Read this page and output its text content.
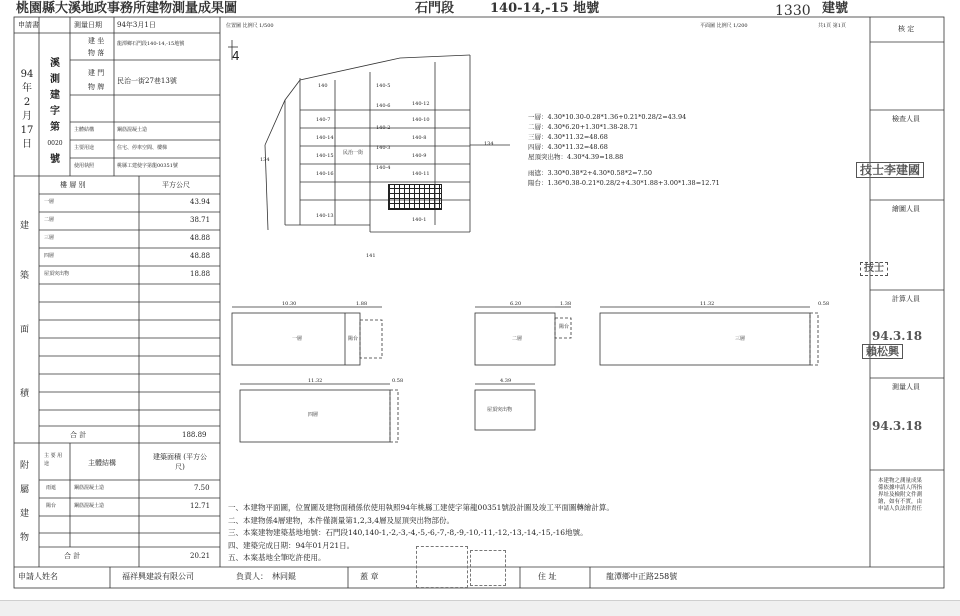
桃園縣大溪地政事務所建物測量成果圖	石門段	140-14,-15 地號	1330 建號
申請書	測量日期 94年3月1日
94
年
2
月
17
日
溪
測
建
字
第
0020
號
建 坐
物 落
龍潭鄉石門段140-14,-15地號
建 門
物 牌
民治一街27巷13號
主體結構	鋼筋混凝土造
主要用途	住宅、停車空間、樓梯
使用執照	桃縣工建使字第龍00351號
樓 層 別	平方公尺
建
築
面
積
一層	43.94
二層	38.71
三層	48.88
四層	48.88
屋頂突出物	18.88
合 計	188.89
附
屬
建
物
主 要 用 途	主體結構
建築面積 (平方公尺)
雨遮	鋼筋混凝土造	7.50
陽台	鋼筋混凝土造	12.71
合 計	20.21
位置圖 比例尺 1/500	平面圖 比例尺 1/200	共1頁 第1頁
4
民治一街
140
140-7
140-14
140-15
140-16
140-13
140-12
140-10
140-8
140-9
140-11
140-1
140-2
140-3
140-4
140-5
140-6
141
134
134
一層：4.30*10.30-0.28*1.36+0.21*0.28/2=43.94
二層：4.30*6.20+1.30*1.38-28.71
三層：4.30*11.32=48.68
四層：4.30*11.32=48.68
屋頂突出物：4.30*4.39=18.88
雨遮：3.30*0.38*2+4.30*0.58*2=7.50
陽台：1.36*0.38-0.21*0.28/2+4.30*1.88+3.00*1.38=12.71
一層	陽台
10.30	1.88
二層
陽台
6.20	1.38
三層
11.32	0.58
四層
11.32	0.58
屋頂突出物
4.39
一、本建物平面圖，位置圖及建物面積係依使用執照94年桃縣工建使字第龍00351號設計圖及竣工平面圖轉繪計算。
二、本建物係4層建物，本件僅測量第1,2,3,4層及屋頂突出物部份。
三、本案建物建築基地地號：石門段140,140-1,-2,-3,-4,-5,-6,-7,-8,-9,-10,-11,-12,-13,-14,-15,-16地號。
四、建築完成日期：94年01月21日。
五、本案基地全筆吃許使用。
申請人姓名	福祥興建設有限公司	負責人： 林同錕	蓋 章	住 址	龍潭鄉中正路258號
核 定
檢查人員
繪圖人員
計算人員
測量人員
技士李建國
技士
94.3.18
賴松興
94.3.18
本建物之測量成果
係依據申請人所指
界址及檢附文件測
繪，如有不實，由
申請人負法律責任
